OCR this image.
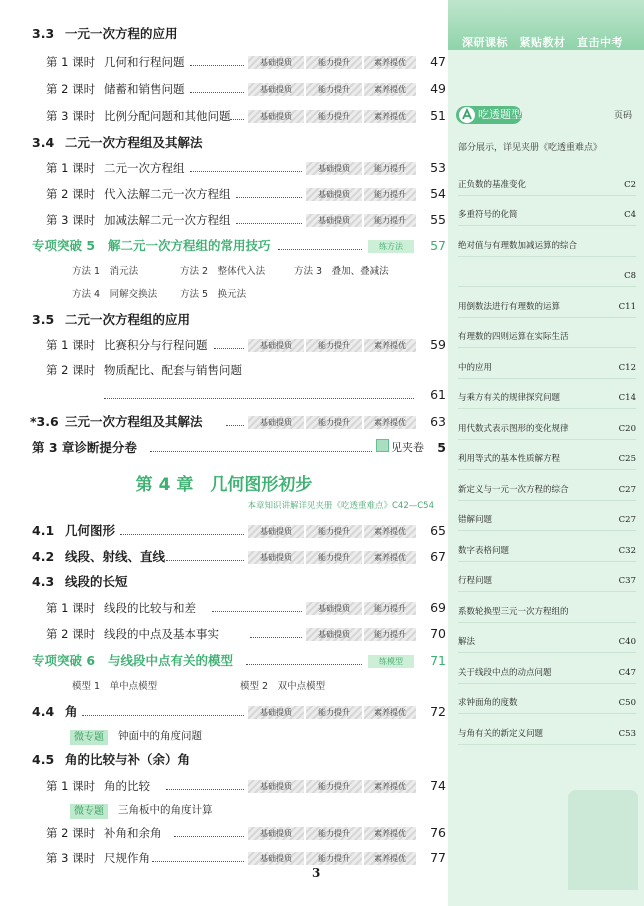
3.3 一元一次方程的应用
第 1 课时 几何和行程问题	基础提质	能力提升	素养提优	47
第 2 课时 储蓄和销售问题	基础提质	能力提升	素养提优	49
第 3 课时 比例分配问题和其他问题	基础提质	能力提升	素养提优	51
3.4 二元一次方程组及其解法
第 1 课时 二元一次方程组	基础提质	能力提升	53
第 2 课时 代入法解二元一次方程组	基础提质	能力提升	54
第 3 课时 加减法解二元一次方程组	基础提质	能力提升	55
专项突破 5 解二元一次方程组的常用技巧	练方法	57
方法 1　消元法	方法 2　整体代入法	方法 3　叠加、叠减法
方法 4　同解交换法 方法 5　换元法
3.5 二元一次方程组的应用
第 1 课时 比赛积分与行程问题	基础提质	能力提升	素养提优	59
第 2 课时 物质配比、配套与销售问题
61
*3.6 三元一次方程组及其解法	基础提质	能力提升	素养提优	63
第 3 章诊断提分卷	见夹卷	5
第 4 章　几何图形初步
本章知识讲解详见夹册《吃透重难点》C42—C54
4.1 几何图形	基础提质	能力提升	素养提优	65
4.2 线段、射线、直线	基础提质	能力提升	素养提优	67
4.3 线段的长短
第 1 课时 线段的比较与和差	基础提质	能力提升	69
第 2 课时 线段的中点及基本事实	基础提质	能力提升	70
专项突破 6 与线段中点有关的模型	练模型	71
模型 1　单中点模型	模型 2　双中点模型
4.4 角	基础提质	能力提升	素养提优	72
微专题	钟面中的角度问题
4.5 角的比较与补（余）角
第 1 课时 角的比较	基础提质	能力提升	素养提优	74
微专题	三角板中的角度计算
第 2 课时 补角和余角	基础提质	能力提升	素养提优	76
第 3 课时 尺规作角	基础提质	能力提升	素养提优	77
3
深研课标　紧贴教材　直击中考
吃透题型	页码
部分展示，详见夹册《吃透重难点》
正负数的基准变化	C2
多重符号的化简	C4
绝对值与有理数加减运算的综合
C8
用倒数法进行有理数的运算	C11
有理数的四则运算在实际生活
中的应用	C12
与乘方有关的规律探究问题	C14
用代数式表示图形的变化规律	C20
利用等式的基本性质解方程	C25
新定义与一元一次方程的综合	C27
错解问题	C27
数字表格问题	C32
行程问题	C37
系数轮换型三元一次方程组的
解法	C40
关于线段中点的动点问题	C47
求钟面角的度数	C50
与角有关的新定义问题	C53
